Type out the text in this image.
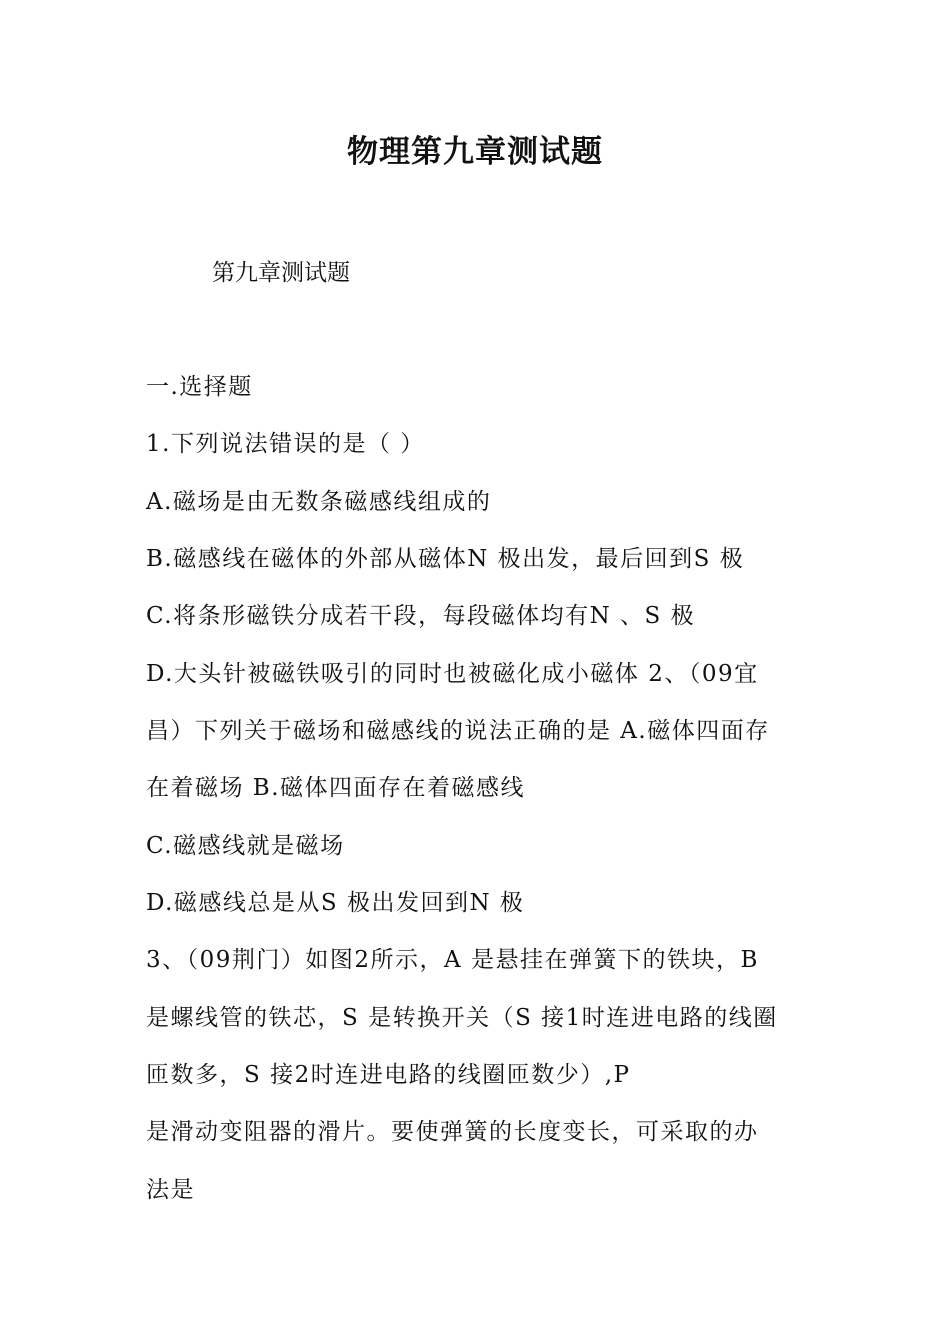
物理第九章测试题
第九章测试题
一.选择题
1.下列说法错误的是（ ）
A.磁场是由无数条磁感线组成的
B.磁感线在磁体的外部从磁体N 极出发，最后回到S 极
C.将条形磁铁分成若干段，每段磁体均有N 、S 极
D.大头针被磁铁吸引的同时也被磁化成小磁体 2、（09宜
昌）下列关于磁场和磁感线的说法正确的是 A.磁体四面存
在着磁场 B.磁体四面存在着磁感线
C.磁感线就是磁场
D.磁感线总是从S 极出发回到N 极
3、（09荆门）如图2所示，A 是悬挂在弹簧下的铁块，B
是螺线管的铁芯，S 是转换开关（S 接1时连进电路的线圈
匝数多，S 接2时连进电路的线圈匝数少）,P
是滑动变阻器的滑片。要使弹簧的长度变长，可采取的办
法是
